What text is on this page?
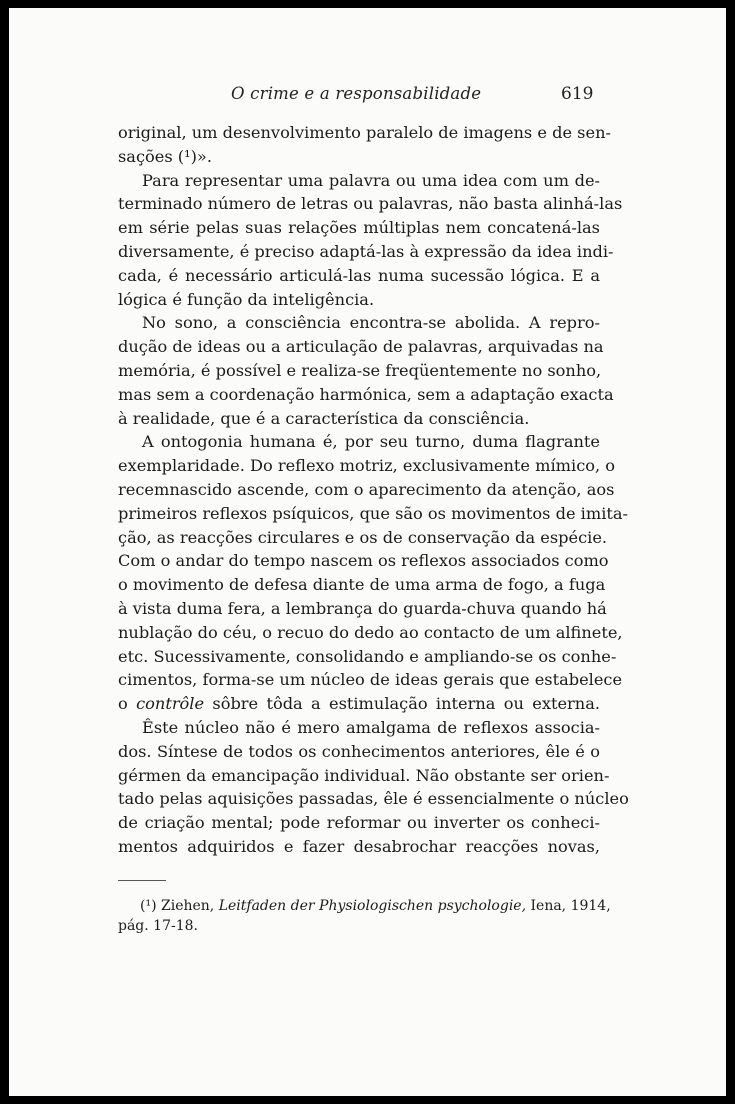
O crime e a responsabilidade	619
original, um desenvolvimento paralelo de imagens e de sen-
sações (¹)».
Para representar uma palavra ou uma idea com um de-
terminado número de letras ou palavras, não basta alinhá-las
em série pelas suas relações múltiplas nem concatená-las
diversamente, é preciso adaptá-las à expressão da idea indi-
cada, é necessário articulá-las numa sucessão lógica. E a
lógica é função da inteligência.
No sono, a consciência encontra-se abolida. A repro-
dução de ideas ou a articulação de palavras, arquivadas na
memória, é possível e realiza-se freqüentemente no sonho,
mas sem a coordenação harmónica, sem a adaptação exacta
à realidade, que é a característica da consciência.
A ontogonia humana é, por seu turno, duma flagrante
exemplaridade. Do reflexo motriz, exclusivamente mímico, o
recemnascido ascende, com o aparecimento da atenção, aos
primeiros reflexos psíquicos, que são os movimentos de imita-
ção, as reacções circulares e os de conservação da espécie.
Com o andar do tempo nascem os reflexos associados como
o movimento de defesa diante de uma arma de fogo, a fuga
à vista duma fera, a lembrança do guarda-chuva quando há
nublação do céu, o recuo do dedo ao contacto de um alfinete,
etc. Sucessivamente, consolidando e ampliando-se os conhe-
cimentos, forma-se um núcleo de ideas gerais que estabelece
o contrôle sôbre tôda a estimulação interna ou externa.
Êste núcleo não é mero amalgama de reflexos associa-
dos. Síntese de todos os conhecimentos anteriores, êle é o
gérmen da emancipação individual. Não obstante ser orien-
tado pelas aquisições passadas, êle é essencialmente o núcleo
de criação mental; pode reformar ou inverter os conheci-
mentos adquiridos e fazer desabrochar reacções novas,
(¹) Ziehen, Leitfaden der Physiologischen psychologie, Iena, 1914,
pág. 17-18.
